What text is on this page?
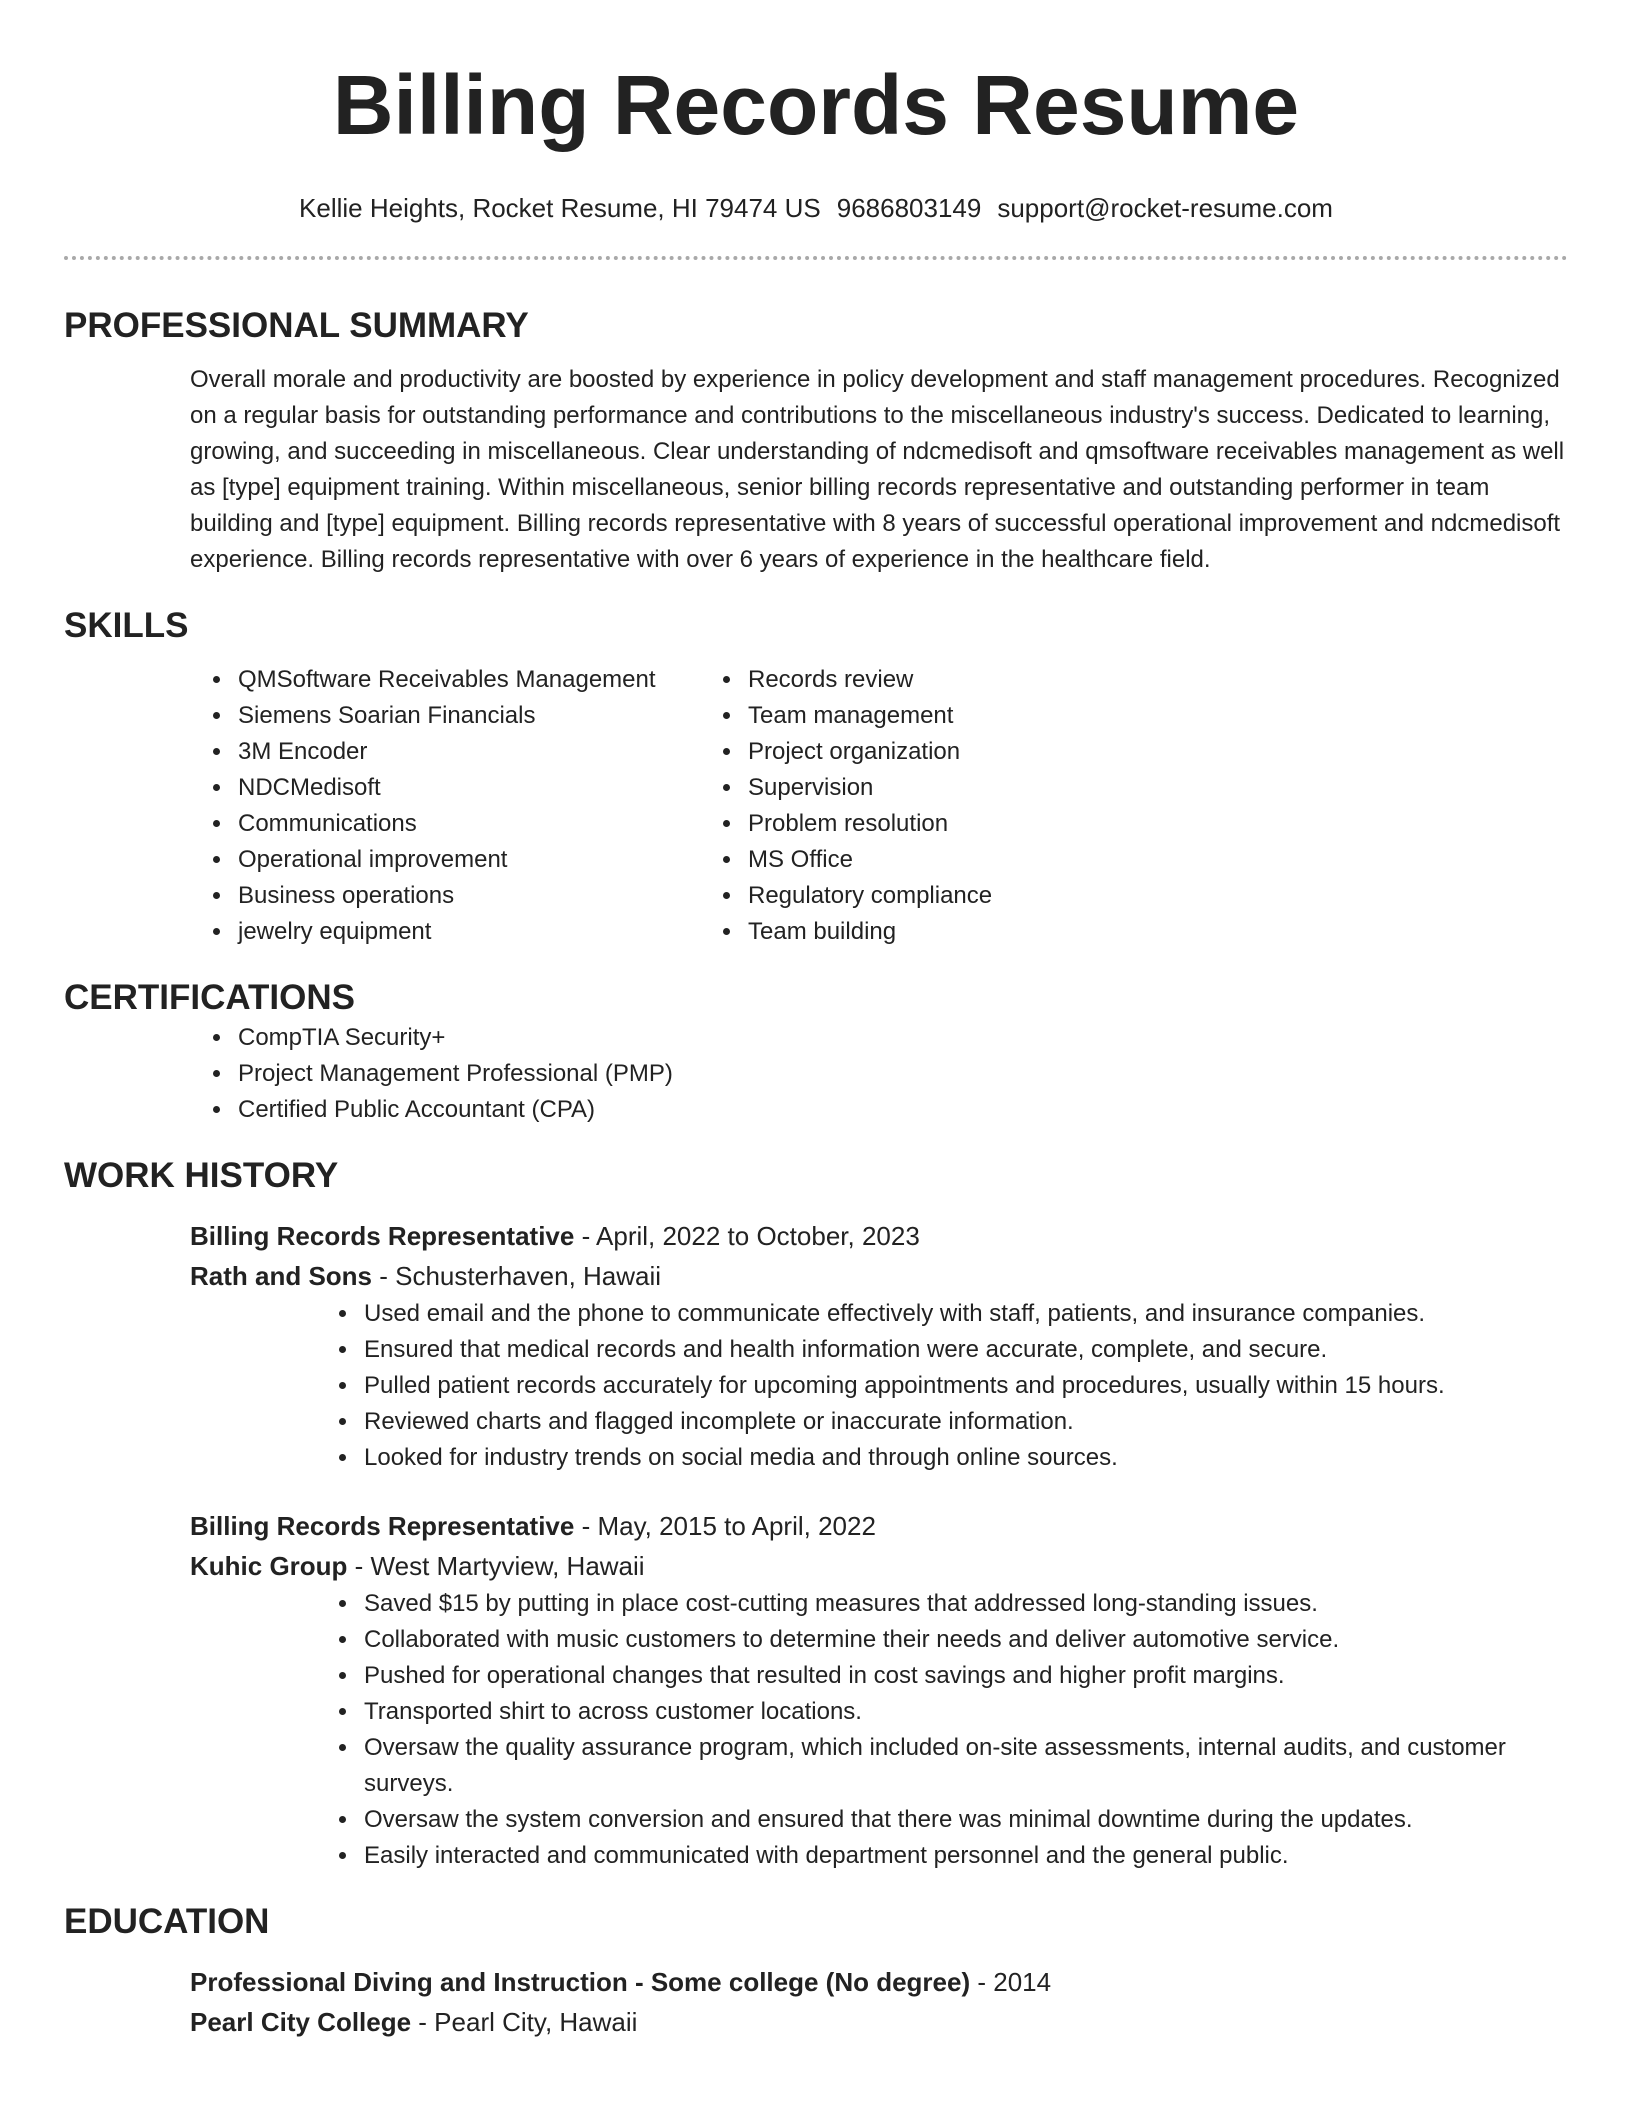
Billing Records Resume
Kellie Heights, Rocket Resume, HI 79474 US 9686803149 support@rocket-resume.com
PROFESSIONAL SUMMARY
Overall morale and productivity are boosted by experience in policy development and staff management procedures. Recognized on a regular basis for outstanding performance and contributions to the miscellaneous industry's success. Dedicated to learning, growing, and succeeding in miscellaneous. Clear understanding of ndcmedisoft and qmsoftware receivables management as well as [type] equipment training. Within miscellaneous, senior billing records representative and outstanding performer in team building and [type] equipment. Billing records representative with 8 years of successful operational improvement and ndcmedisoft experience. Billing records representative with over 6 years of experience in the healthcare field.
SKILLS
• QMSoftware Receivables Management
• Siemens Soarian Financials
• 3M Encoder
• NDCMedisoft
• Communications
• Operational improvement
• Business operations
• jewelry equipment
• Records review
• Team management
• Project organization
• Supervision
• Problem resolution
• MS Office
• Regulatory compliance
• Team building
CERTIFICATIONS
• CompTIA Security+
• Project Management Professional (PMP)
• Certified Public Accountant (CPA)
WORK HISTORY
Billing Records Representative - April, 2022 to October, 2023
Rath and Sons - Schusterhaven, Hawaii
• Used email and the phone to communicate effectively with staff, patients, and insurance companies.
• Ensured that medical records and health information were accurate, complete, and secure.
• Pulled patient records accurately for upcoming appointments and procedures, usually within 15 hours.
• Reviewed charts and flagged incomplete or inaccurate information.
• Looked for industry trends on social media and through online sources.
Billing Records Representative - May, 2015 to April, 2022
Kuhic Group - West Martyview, Hawaii
• Saved $15 by putting in place cost-cutting measures that addressed long-standing issues.
• Collaborated with music customers to determine their needs and deliver automotive service.
• Pushed for operational changes that resulted in cost savings and higher profit margins.
• Transported shirt to across customer locations.
• Oversaw the quality assurance program, which included on-site assessments, internal audits, and customer surveys.
• Oversaw the system conversion and ensured that there was minimal downtime during the updates.
• Easily interacted and communicated with department personnel and the general public.
EDUCATION
Professional Diving and Instruction - Some college (No degree) - 2014
Pearl City College - Pearl City, Hawaii
